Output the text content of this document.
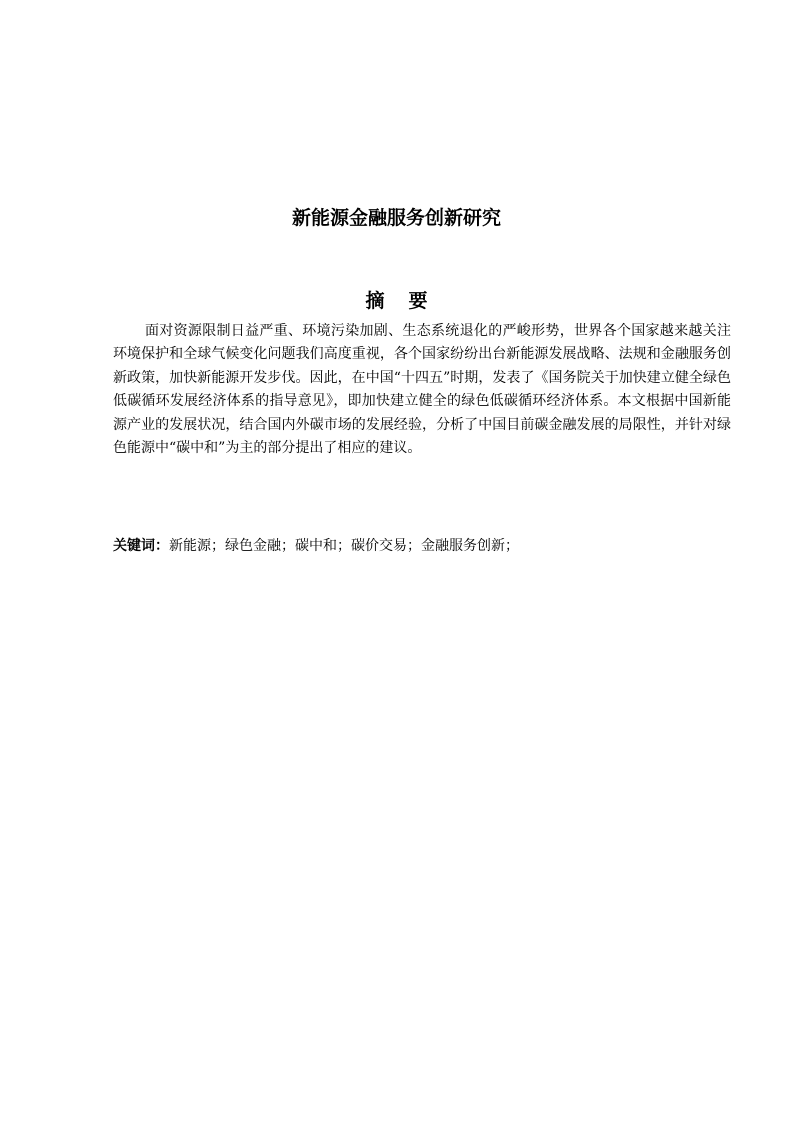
新能源金融服务创新研究
摘要

面对资源限制日益严重、环境污染加剧、生态系统退化的严峻形势，世界各个国家越来越关注环境保护和全球气候变化问题我们高度重视，各个国家纷纷出台新能源发展战略、法规和金融服务创新政策，加快新能源开发步伐。因此，在中国“十四五”时期，发表了《国务院关于加快建立健全绿色低碳循环发展经济体系的指导意见》，即加快建立健全的绿色低碳循环经济体系。本文根据中国新能源产业的发展状况，结合国内外碳市场的发展经验，分析了中国目前碳金融发展的局限性，并针对绿色能源中“碳中和”为主的部分提出了相应的建议。

关键词：新能源；绿色金融；碳中和；碳价交易；金融服务创新；
